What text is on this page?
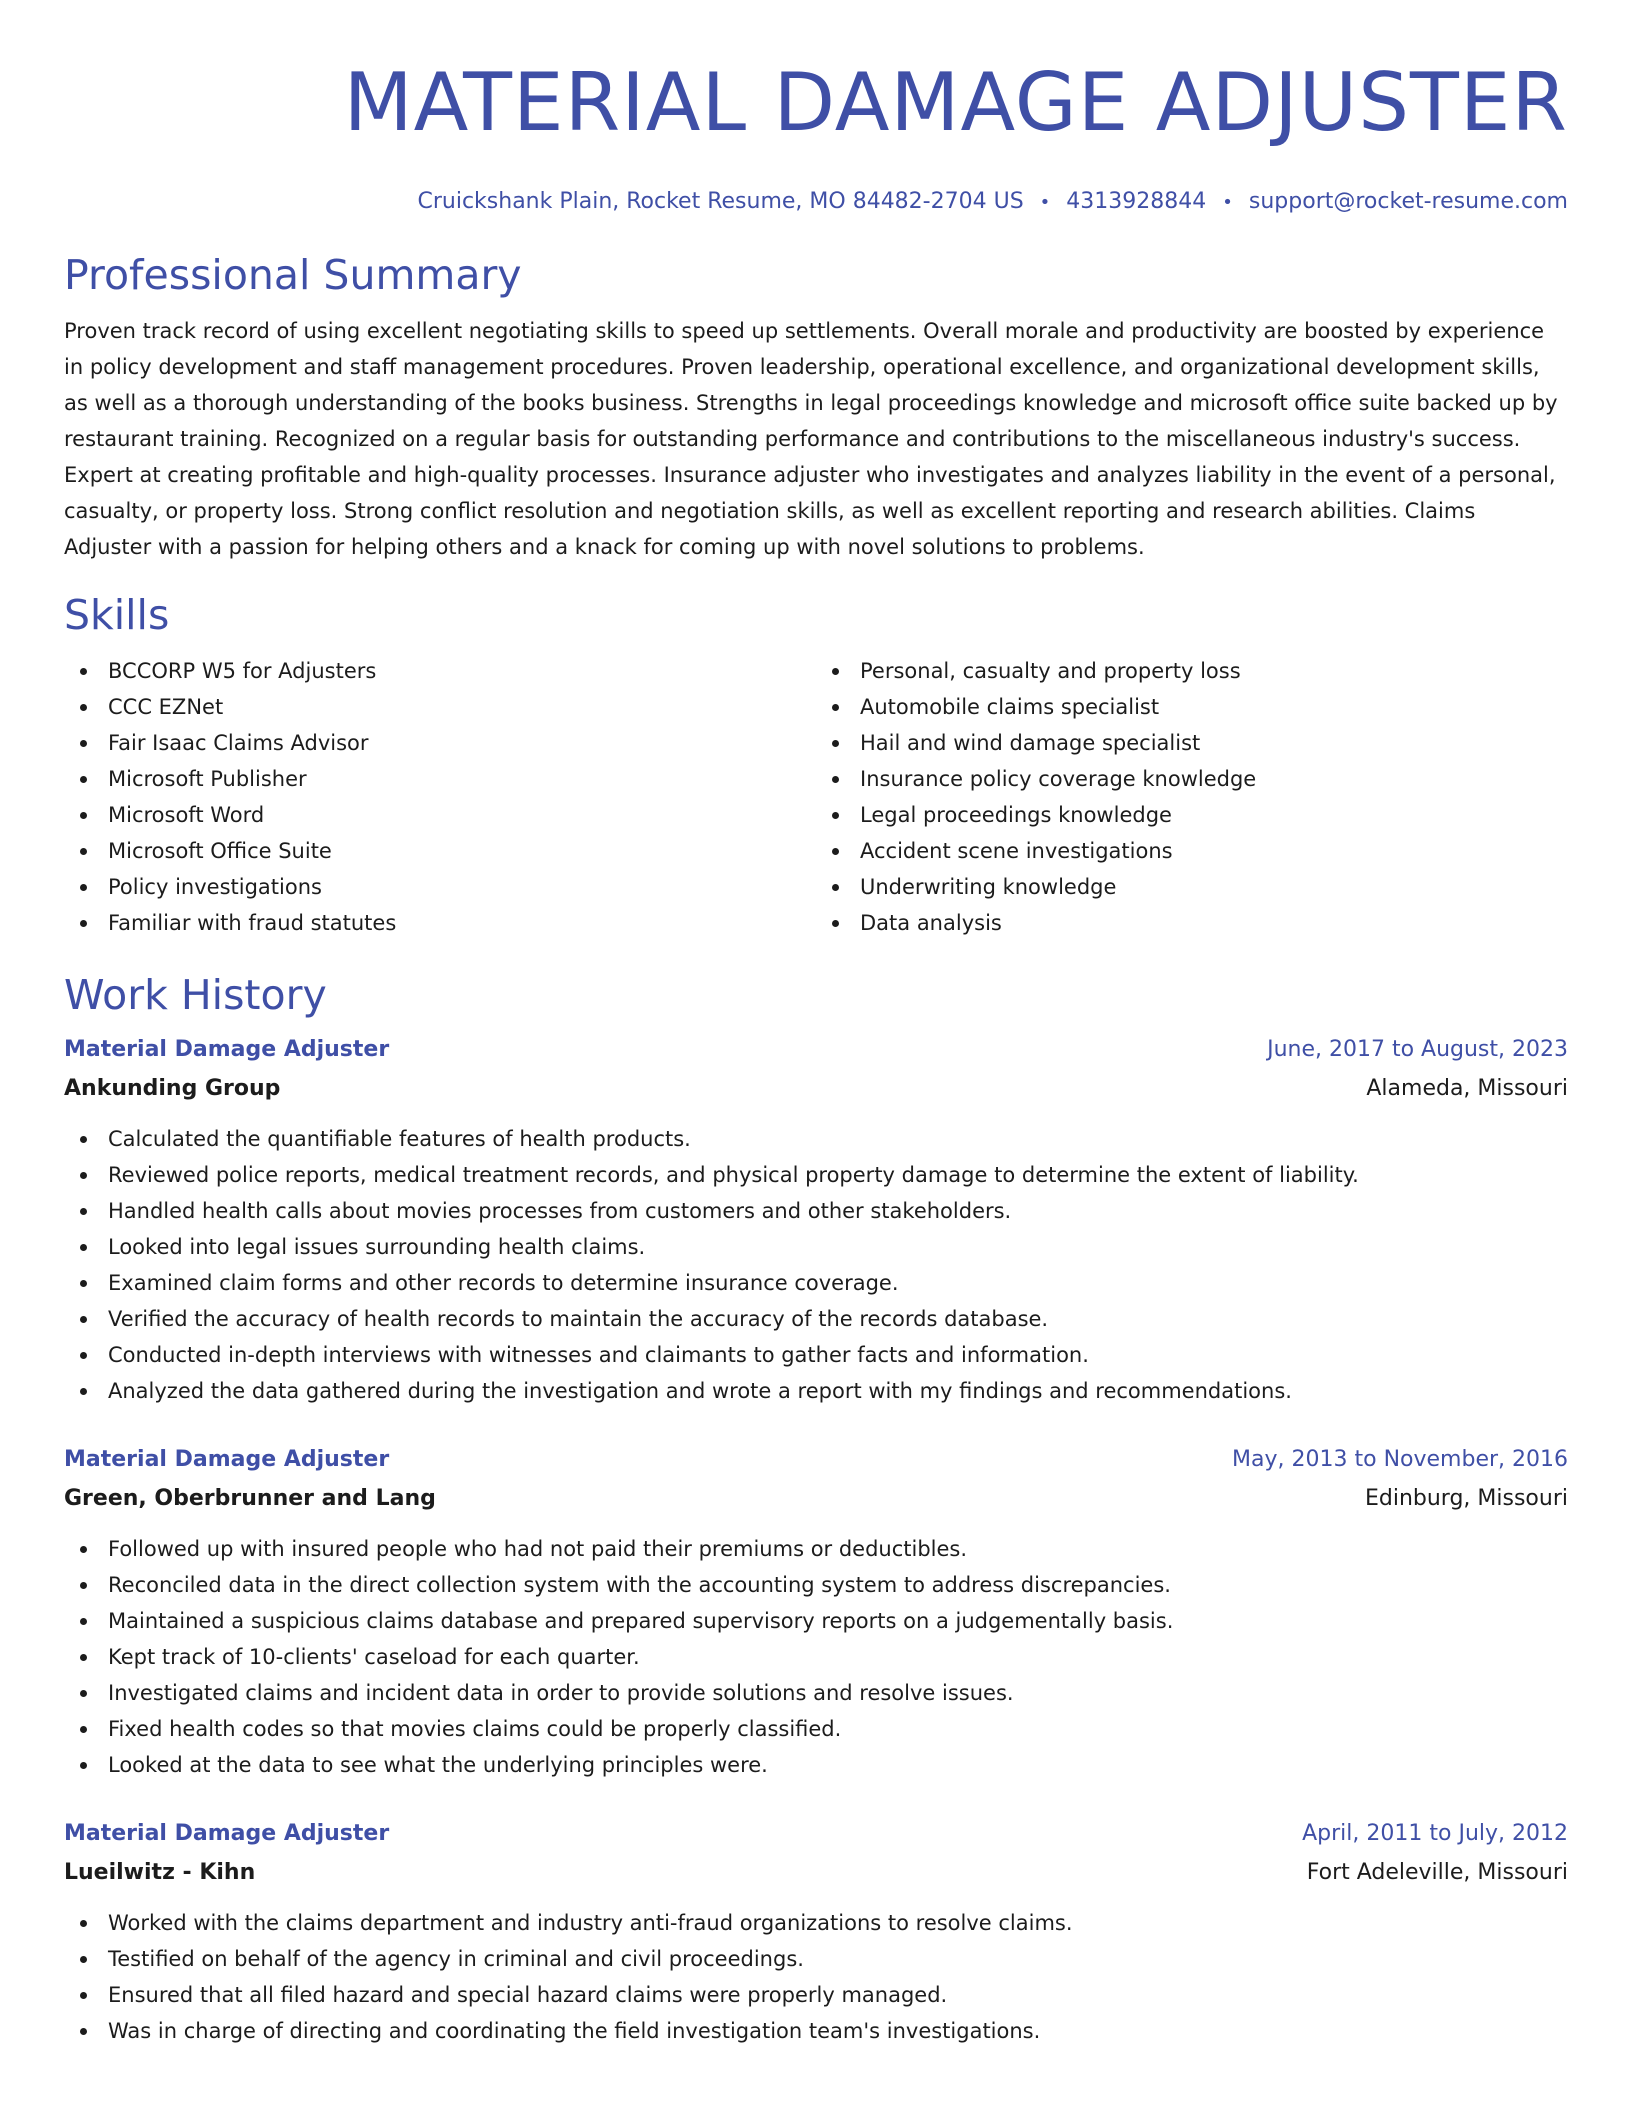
MATERIAL DAMAGE ADJUSTER
Cruickshank Plain, Rocket Resume, MO 84482-2704 US • 4313928844 • support@rocket-resume.com
Professional Summary

Proven track record of using excellent negotiating skills to speed up settlements. Overall morale and productivity are boosted by experience in policy development and staff management procedures. Proven leadership, operational excellence, and organizational development skills, as well as a thorough understanding of the books business. Strengths in legal proceedings knowledge and microsoft office suite backed up by restaurant training. Recognized on a regular basis for outstanding performance and contributions to the miscellaneous industry's success. Expert at creating profitable and high-quality processes. Insurance adjuster who investigates and analyzes liability in the event of a personal, casualty, or property loss. Strong conflict resolution and negotiation skills, as well as excellent reporting and research abilities. Claims Adjuster with a passion for helping others and a knack for coming up with novel solutions to problems.

Skills
BCCORP W5 for Adjusters
CCC EZNet
Fair Isaac Claims Advisor
Microsoft Publisher
Microsoft Word
Microsoft Office Suite
Policy investigations
Familiar with fraud statutes
Personal, casualty and property loss
Automobile claims specialist
Hail and wind damage specialist
Insurance policy coverage knowledge
Legal proceedings knowledge
Accident scene investigations
Underwriting knowledge
Data analysis
Work History
Material Damage Adjuster	June, 2017 to August, 2023
Ankunding Group	Alameda, Missouri
Calculated the quantifiable features of health products.
Reviewed police reports, medical treatment records, and physical property damage to determine the extent of liability.
Handled health calls about movies processes from customers and other stakeholders.
Looked into legal issues surrounding health claims.
Examined claim forms and other records to determine insurance coverage.
Verified the accuracy of health records to maintain the accuracy of the records database.
Conducted in-depth interviews with witnesses and claimants to gather facts and information.
Analyzed the data gathered during the investigation and wrote a report with my findings and recommendations.
Material Damage Adjuster	May, 2013 to November, 2016
Green, Oberbrunner and Lang	Edinburg, Missouri
Followed up with insured people who had not paid their premiums or deductibles.
Reconciled data in the direct collection system with the accounting system to address discrepancies.
Maintained a suspicious claims database and prepared supervisory reports on a judgementally basis.
Kept track of 10-clients' caseload for each quarter.
Investigated claims and incident data in order to provide solutions and resolve issues.
Fixed health codes so that movies claims could be properly classified.
Looked at the data to see what the underlying principles were.
Material Damage Adjuster	April, 2011 to July, 2012
Lueilwitz - Kihn	Fort Adeleville, Missouri
Worked with the claims department and industry anti-fraud organizations to resolve claims.
Testified on behalf of the agency in criminal and civil proceedings.
Ensured that all filed hazard and special hazard claims were properly managed.
Was in charge of directing and coordinating the field investigation team's investigations.
